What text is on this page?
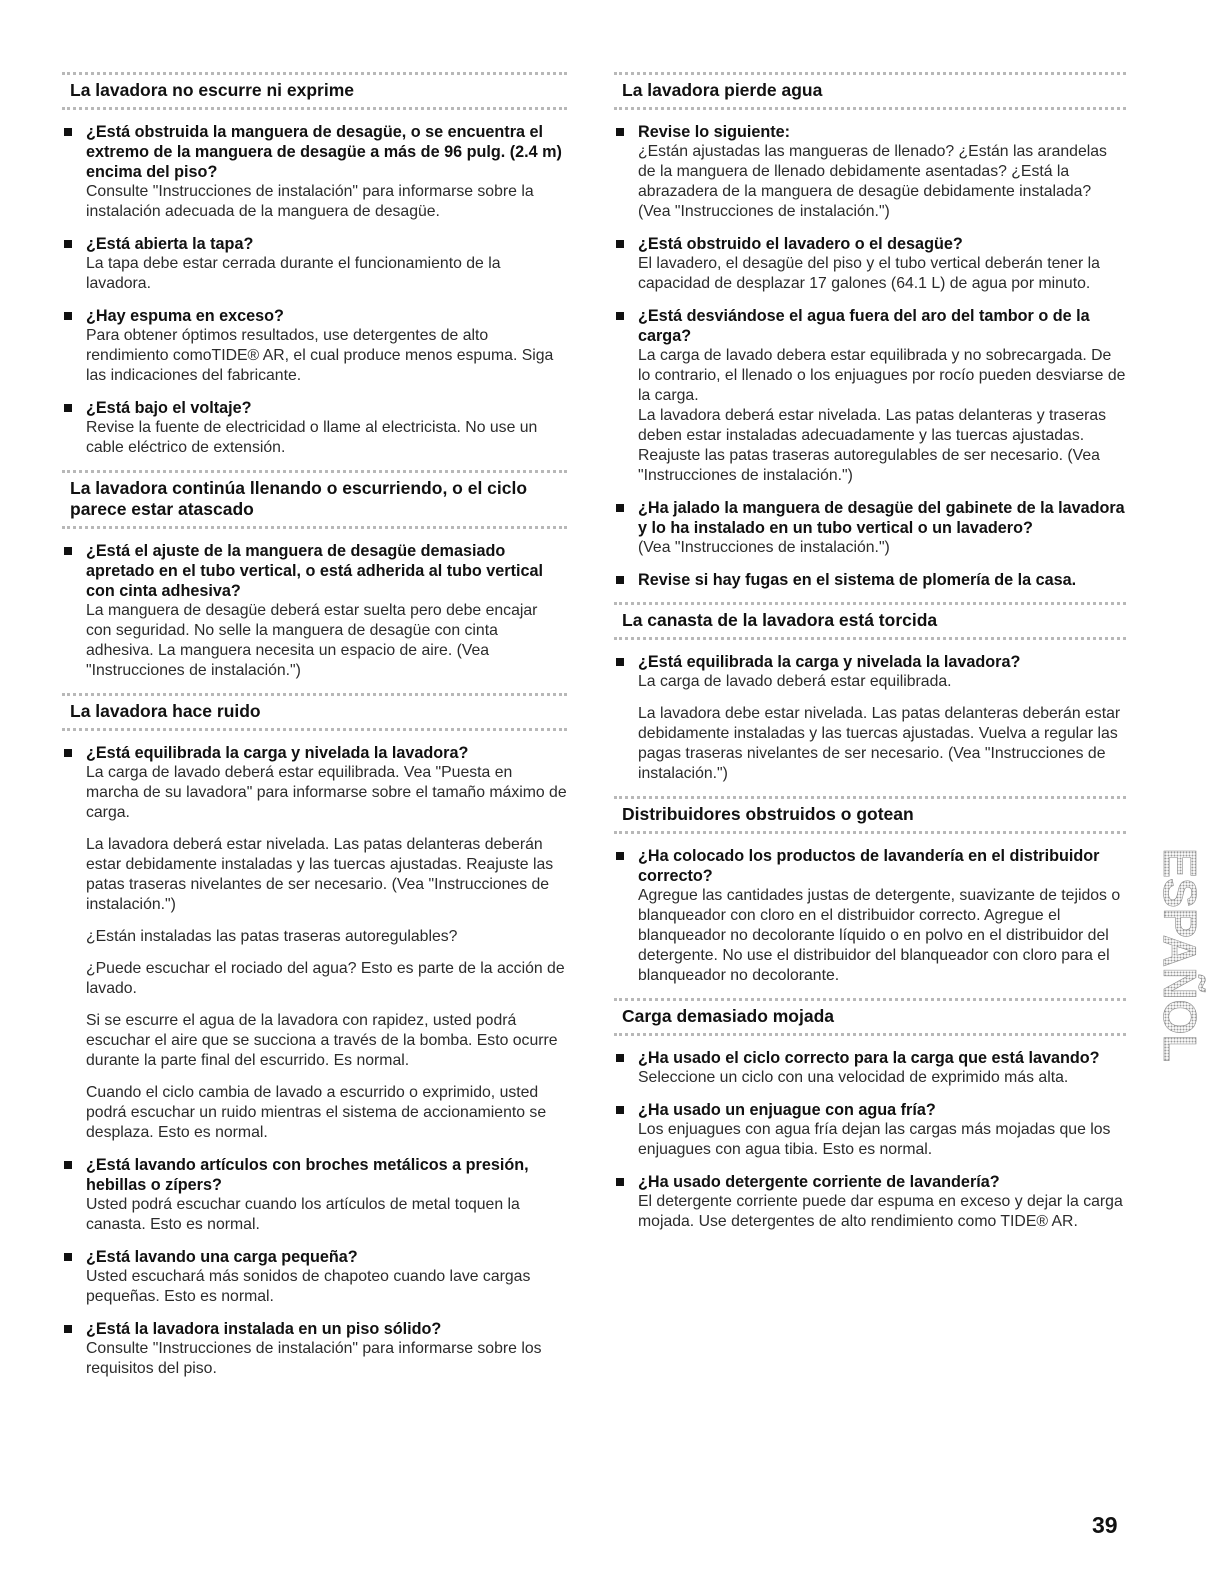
La lavadora no escurre ni exprime
¿Está obstruida la manguera de desagüe, o se encuentra el extremo de la manguera de desagüe a más de 96 pulg. (2.4 m) encima del piso?
Consulte "Instrucciones de instalación" para informarse sobre la instalación adecuada de la manguera de desagüe.
¿Está abierta la tapa?
La tapa debe estar cerrada durante el funcionamiento de la lavadora.
¿Hay espuma en exceso?
Para obtener óptimos resultados, use detergentes de alto rendimiento comoTIDE® AR, el cual produce menos espuma. Siga las indicaciones del fabricante.
¿Está bajo el voltaje?
Revise la fuente de electricidad o llame al electricista. No use un cable eléctrico de extensión.
La lavadora continúa llenando o escurriendo, o el ciclo parece estar atascado
¿Está el ajuste de la manguera de desagüe demasiado apretado en el tubo vertical, o está adherida al tubo vertical con cinta adhesiva?
La manguera de desagüe deberá estar suelta pero debe encajar con seguridad. No selle la manguera de desagüe con cinta adhesiva. La manguera necesita un espacio de aire. (Vea "Instrucciones de instalación.")
La lavadora hace ruido
¿Está equilibrada la carga y nivelada la lavadora?
La carga de lavado deberá estar equilibrada. Vea "Puesta en marcha de su lavadora" para informarse sobre el tamaño máximo de carga.
La lavadora deberá estar nivelada. Las patas delanteras deberán estar debidamente instaladas y las tuercas ajustadas. Reajuste las patas traseras nivelantes de ser necesario. (Vea "Instrucciones de instalación.")
¿Están instaladas las patas traseras autoregulables?
¿Puede escuchar el rociado del agua? Esto es parte de la acción de lavado.
Si se escurre el agua de la lavadora con rapidez, usted podrá escuchar el aire que se succiona a través de la bomba. Esto ocurre durante la parte final del escurrido. Es normal.
Cuando el ciclo cambia de lavado a escurrido o exprimido, usted podrá escuchar un ruido mientras el sistema de accionamiento se desplaza. Esto es normal.
¿Está lavando artículos con broches metálicos a presión, hebillas o zípers?
Usted podrá escuchar cuando los artículos de metal toquen la canasta. Esto es normal.
¿Está lavando una carga pequeña?
Usted escuchará más sonidos de chapoteo cuando lave cargas pequeñas. Esto es normal.
¿Está la lavadora instalada en un piso sólido?
Consulte "Instrucciones de instalación" para informarse sobre los requisitos del piso.
La lavadora pierde agua
Revise lo siguiente:
¿Están ajustadas las mangueras de llenado? ¿Están las arandelas de la manguera de llenado debidamente asentadas? ¿Está la abrazadera de la manguera de desagüe debidamente instalada? (Vea "Instrucciones de instalación.")
¿Está obstruido el lavadero o el desagüe?
El lavadero, el desagüe del piso y el tubo vertical deberán tener la capacidad de desplazar 17 galones (64.1 L) de agua por minuto.
¿Está desviándose el agua fuera del aro del tambor o de la carga?
La carga de lavado debera estar equilibrada y no sobrecargada. De lo contrario, el llenado o los enjuagues por rocío pueden desviarse de la carga.
La lavadora deberá estar nivelada. Las patas delanteras y traseras deben estar instaladas adecuadamente y las tuercas ajustadas. Reajuste las patas traseras autoregulables de ser necesario. (Vea "Instrucciones de instalación.")
¿Ha jalado la manguera de desagüe del gabinete de la lavadora y lo ha instalado en un tubo vertical o un lavadero?
(Vea "Instrucciones de instalación.")
Revise si hay fugas en el sistema de plomería de la casa.
La canasta de la lavadora está torcida
¿Está equilibrada la carga y nivelada la lavadora?
La carga de lavado deberá estar equilibrada.
La lavadora debe estar nivelada. Las patas delanteras deberán estar debidamente instaladas y las tuercas ajustadas. Vuelva a regular las pagas traseras nivelantes de ser necesario. (Vea "Instrucciones de instalación.")
Distribuidores obstruidos o gotean
¿Ha colocado los productos de lavandería en el distribuidor correcto?
Agregue las cantidades justas de detergente, suavizante de tejidos o blanqueador con cloro en el distribuidor correcto. Agregue el blanqueador no decolorante líquido o en polvo en el distribuidor del detergente. No use el distribuidor del blanqueador con cloro para el blanqueador no decolorante.
Carga demasiado mojada
¿Ha usado el ciclo correcto para la carga que está lavando?
Seleccione un ciclo con una velocidad de exprimido más alta.
¿Ha usado un enjuague con agua fría?
Los enjuagues con agua fría dejan las cargas más mojadas que los enjuagues con agua tibia. Esto es normal.
¿Ha usado detergente corriente de lavandería?
El detergente corriente puede dar espuma en exceso y dejar la carga mojada. Use detergentes de alto rendimiento como TIDE® AR.
ESPAÑOL
39
